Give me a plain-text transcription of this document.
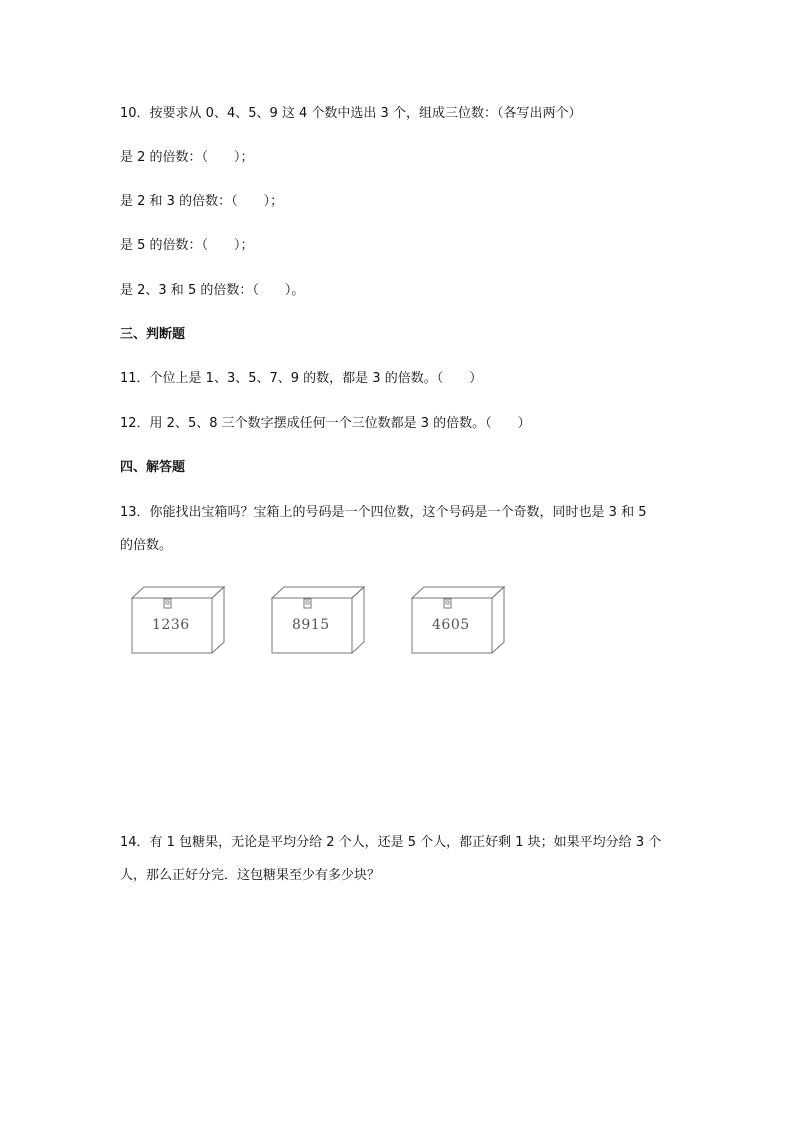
10．按要求从 0、4、5、9 这 4 个数中选出 3 个，组成三位数：（各写出两个）
是 2 的倍数：（　　）；
是 2 和 3 的倍数：（　　）；
是 5 的倍数：（　　）；
是 2、3 和 5 的倍数：（　　）。
三、判断题
11．个位上是 1、3、5、7、9 的数，都是 3 的倍数。（　　）
12．用 2、5、8 三个数字摆成任何一个三位数都是 3 的倍数。（　　）
四、解答题
13．你能找出宝箱吗？宝箱上的号码是一个四位数，这个号码是一个奇数，同时也是 3 和 5
的倍数。
1236	8915	4605
14．有 1 包糖果，无论是平均分给 2 个人，还是 5 个人，都正好剩 1 块；如果平均分给 3 个
人，那么正好分完．这包糖果至少有多少块？
